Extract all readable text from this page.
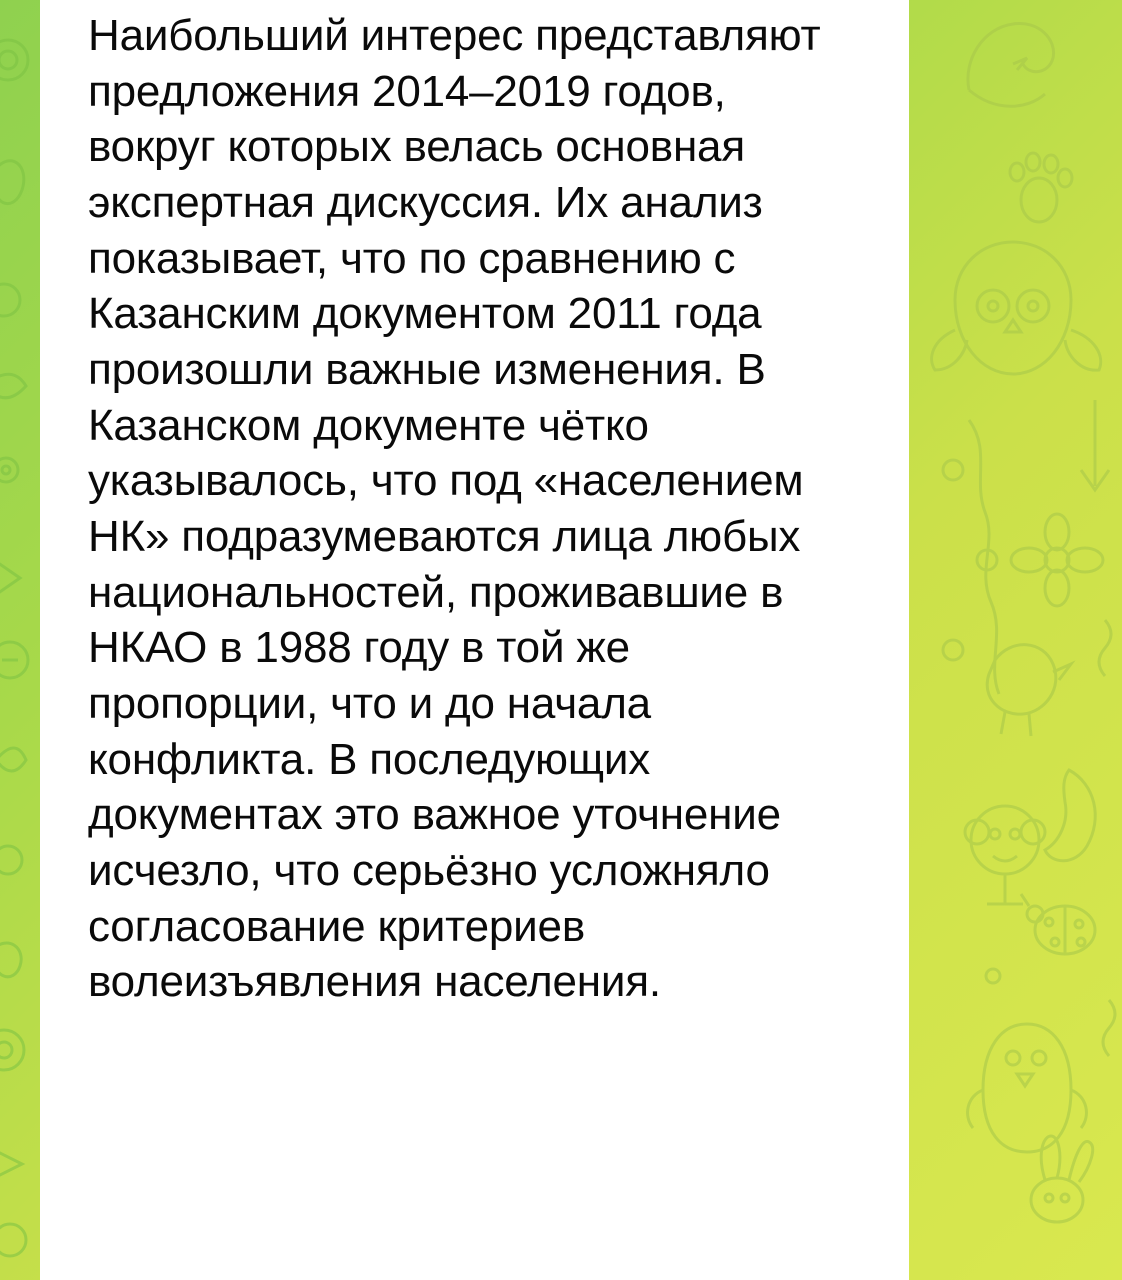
Наибольший интерес представляют предложения 2014–2019 годов, вокруг которых велась основная экспертная дискуссия. Их анализ показывает, что по сравнению с Казанским документом 2011 года произошли важные изменения. В Казанском документе чётко указывалось, что под «населением НК» подразумеваются лица любых национальностей, проживавшие в НКАО в 1988 году в той же пропорции, что и до начала конфликта. В последующих документах это важное уточнение исчезло, что серьёзно усложняло согласование критериев волеизъявления населения.
